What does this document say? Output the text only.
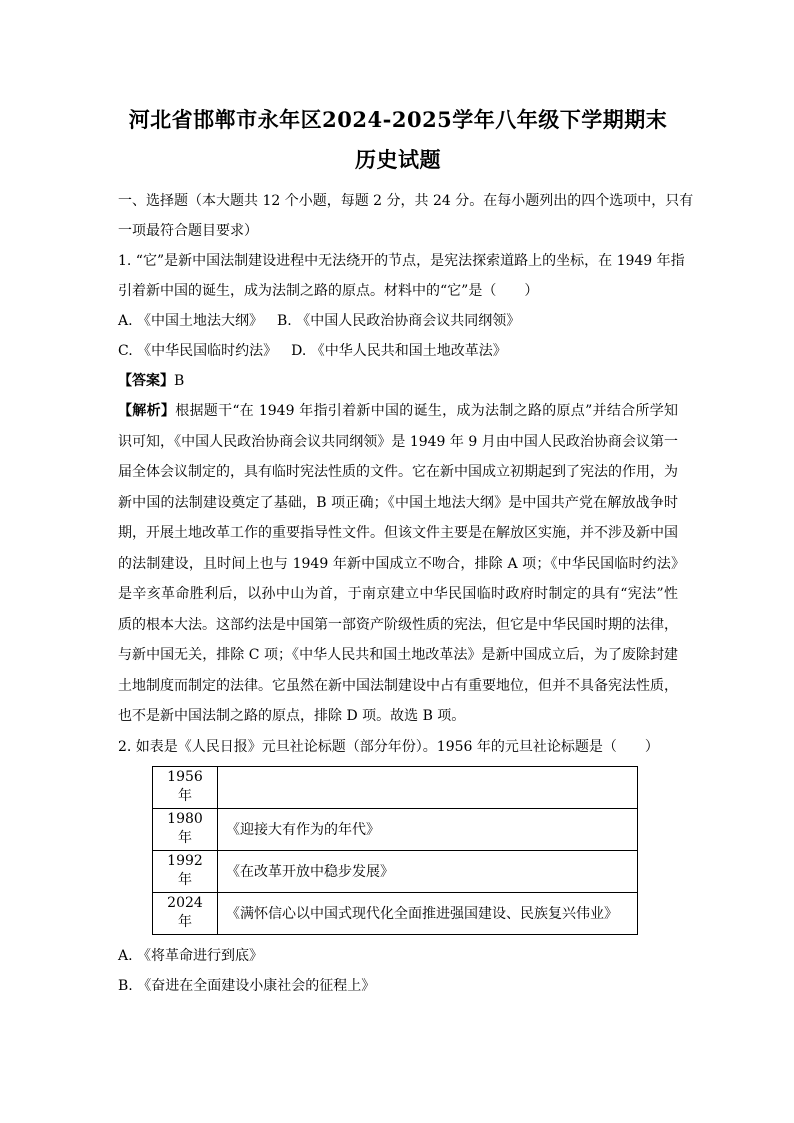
河北省邯郸市永年区2024-2025学年八年级下学期期末
历史试题
一、选择题（本大题共 12 个小题，每题 2 分，共 24 分。在每小题列出的四个选项中，只有
一项最符合题目要求）
1. “它”是新中国法制建设进程中无法绕开的节点，是宪法探索道路上的坐标，在 1949 年指
引着新中国的诞生，成为法制之路的原点。材料中的“它”是（　　）
A. 《中国土地法大纲》 B. 《中国人民政治协商会议共同纲领》
C. 《中华民国临时约法》 D. 《中华人民共和国土地改革法》
【答案】B
【解析】根据题干“在 1949 年指引着新中国的诞生，成为法制之路的原点”并结合所学知识可知，《中国人民政治协商会议共同纲领》是 1949 年 9 月由中国人民政治协商会议第一届全体会议制定的，具有临时宪法性质的文件。它在新中国成立初期起到了宪法的作用，为新中国的法制建设奠定了基础，B 项正确；《中国土地法大纲》是中国共产党在解放战争时期，开展土地改革工作的重要指导性文件。但该文件主要是在解放区实施，并不涉及新中国的法制建设，且时间上也与 1949 年新中国成立不吻合，排除 A 项；《中华民国临时约法》是辛亥革命胜利后，以孙中山为首，于南京建立中华民国临时政府时制定的具有“宪法”性质的根本大法。这部约法是中国第一部资产阶级性质的宪法，但它是中华民国时期的法律，与新中国无关，排除 C 项；《中华人民共和国土地改革法》是新中国成立后，为了废除封建土地制度而制定的法律。它虽然在新中国法制建设中占有重要地位，但并不具备宪法性质，也不是新中国法制之路的原点，排除 D 项。故选 B 项。
2. 如表是《人民日报》元旦社论标题（部分年份）。1956 年的元旦社论标题是（　　）
1956 年	
1980 年	《迎接大有作为的年代》
1992 年	《在改革开放中稳步发展》
2024 年	《满怀信心以中国式现代化全面推进强国建设、民族复兴伟业》
A. 《将革命进行到底》
B. 《奋进在全面建设小康社会的征程上》
